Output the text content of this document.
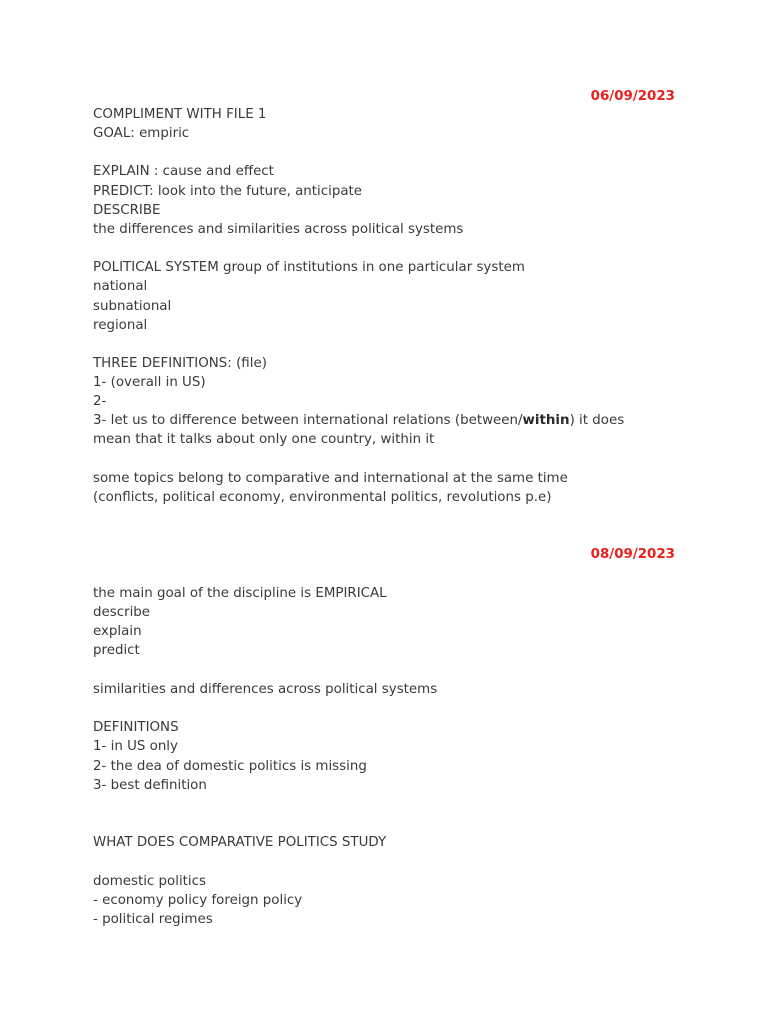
06/09/2023
COMPLIMENT WITH FILE 1
GOAL: empiric
EXPLAIN : cause and effect
PREDICT: look into the future, anticipate
DESCRIBE
the differences and similarities across political systems
POLITICAL SYSTEM group of institutions in one particular system
national
subnational
regional
THREE DEFINITIONS: (file)
1- (overall in US)
2-
3- let us to difference between international relations (between/within) it does
mean that it talks about only one country, within it
some topics belong to comparative and international at the same time
(conflicts, political economy, environmental politics, revolutions p.e)
08/09/2023
the main goal of the discipline is EMPIRICAL
describe
explain
predict
similarities and differences across political systems
DEFINITIONS
1- in US only
2- the dea of domestic politics is missing
3- best definition
WHAT DOES COMPARATIVE POLITICS STUDY
domestic politics
- economy policy foreign policy
- political regimes
